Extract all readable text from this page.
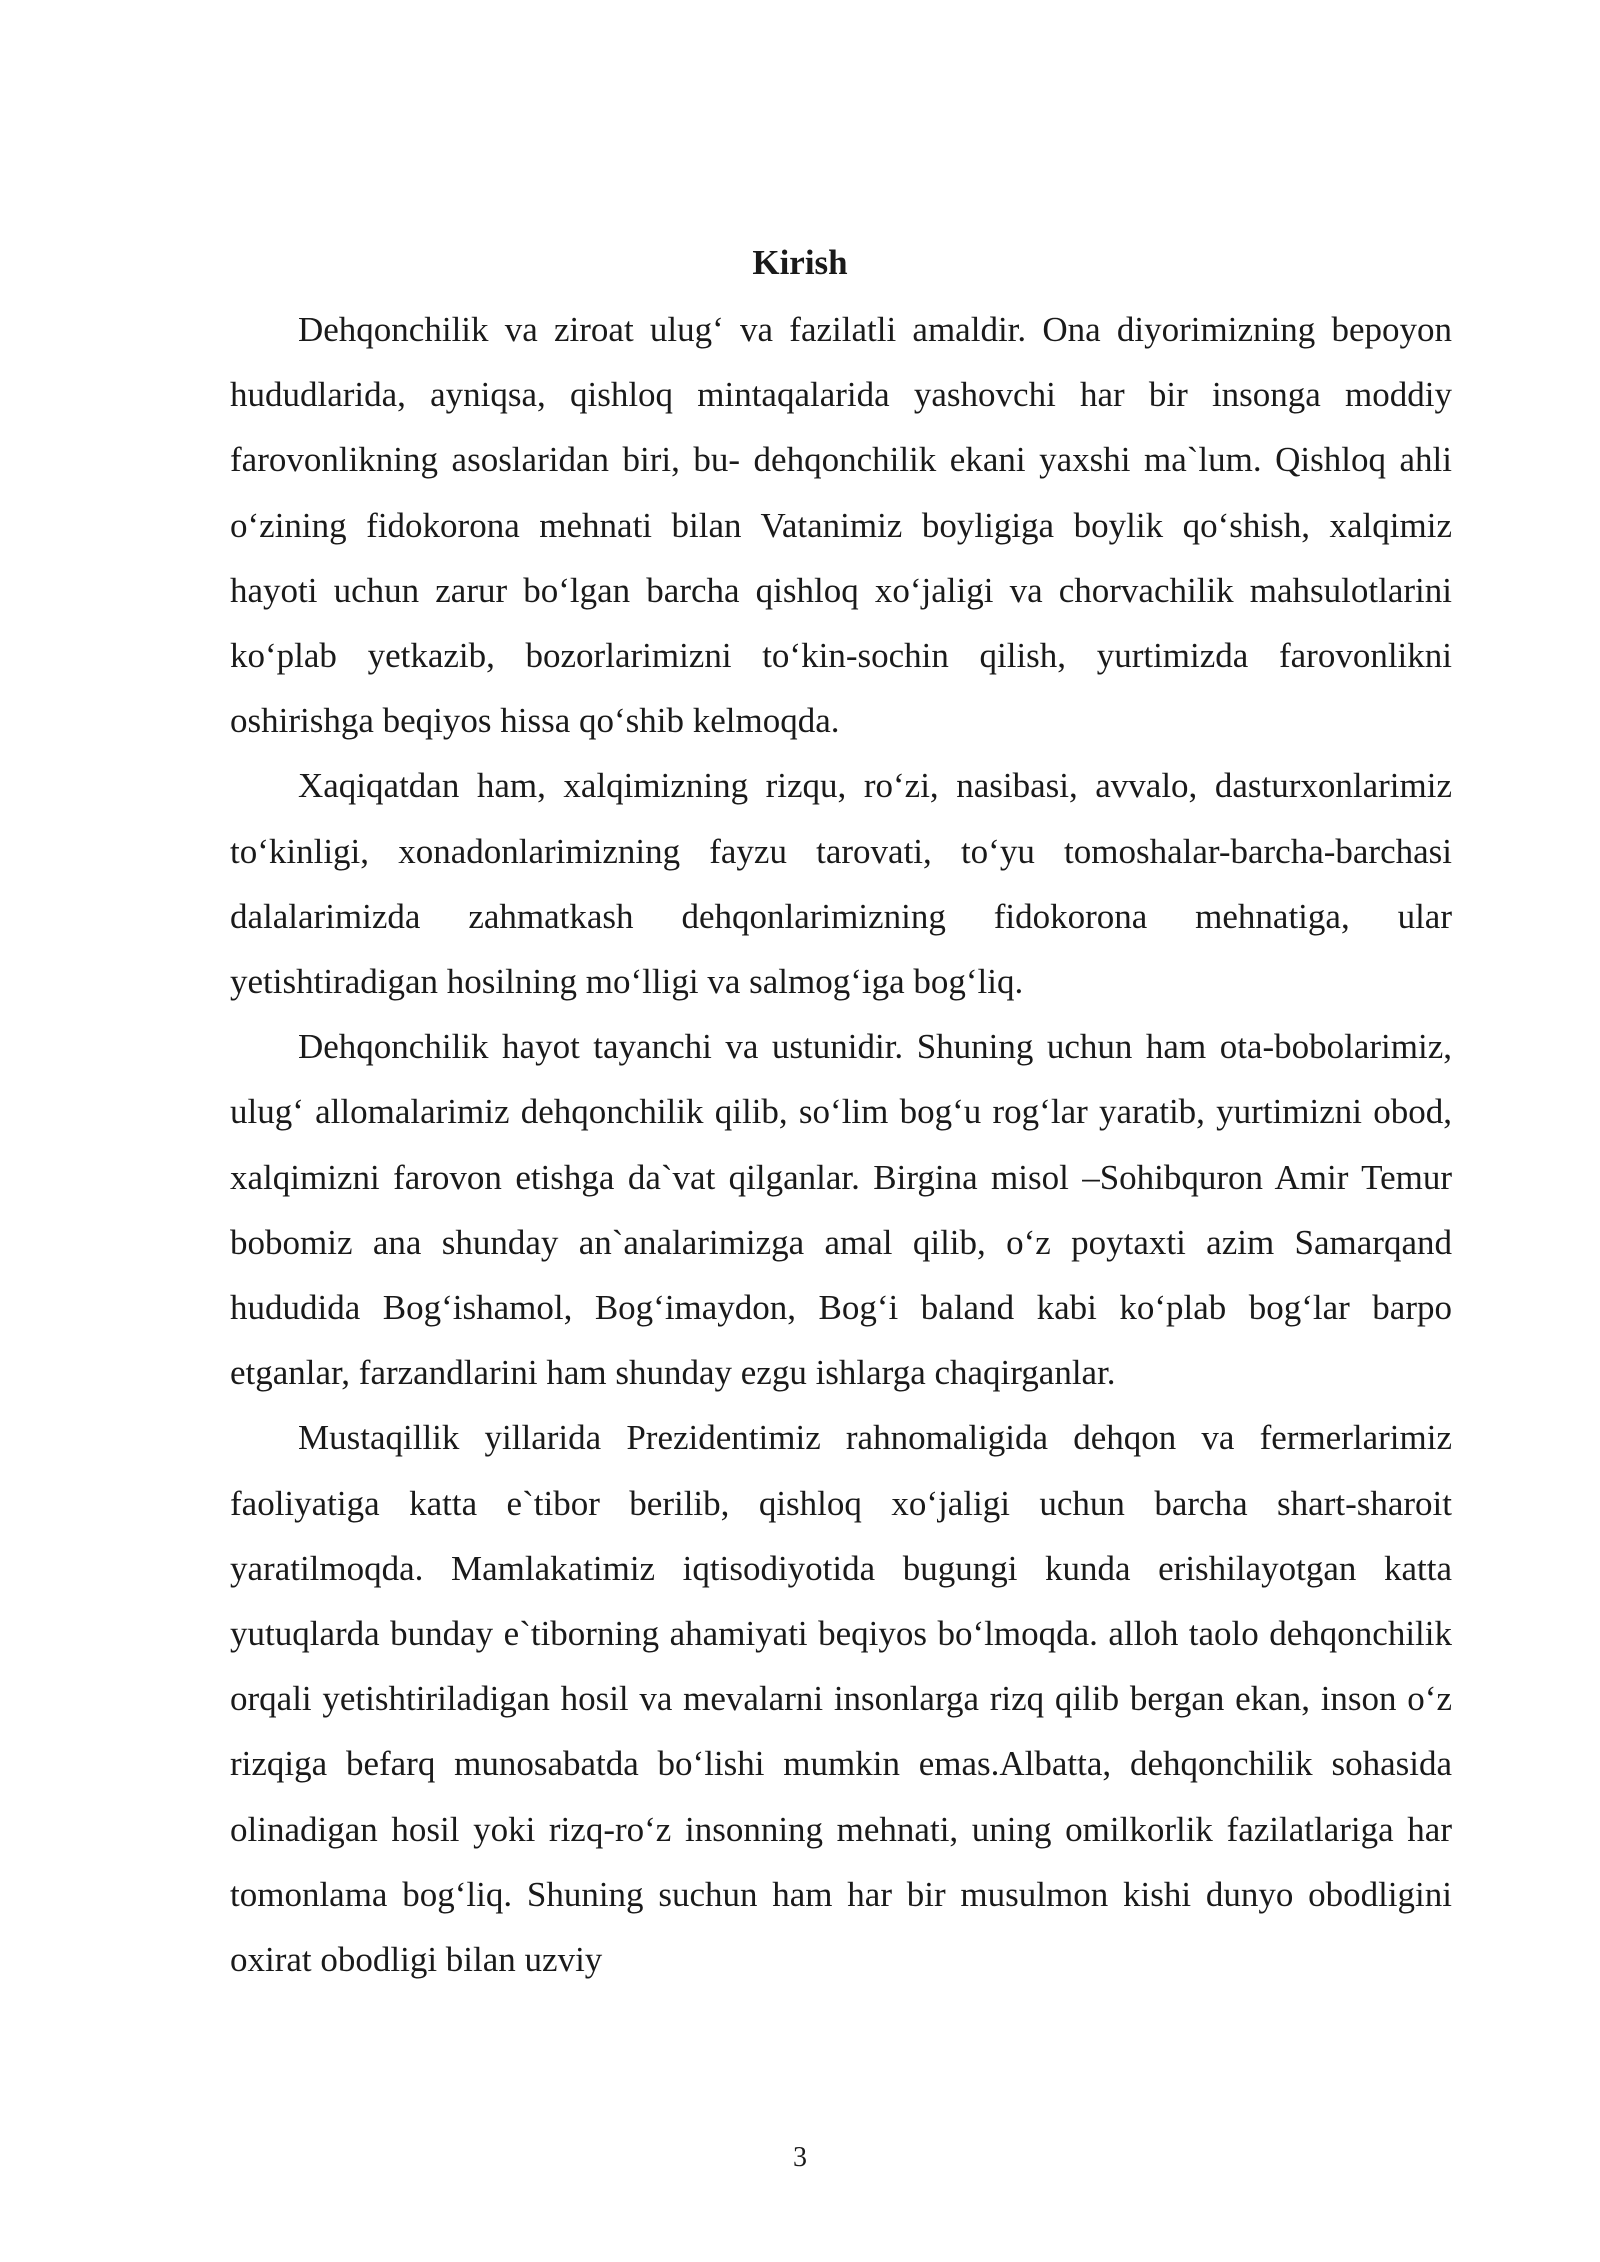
Kirish

Dehqonchilik va ziroat ulug‘ va fazilatli amaldir. Ona diyorimizning bepoyon hududlarida, ayniqsa, qishloq mintaqalarida yashovchi har bir insonga moddiy farovonlikning asoslaridan biri, bu- dehqonchilik ekani yaxshi ma`lum. Qishloq ahli o‘zining fidokorona mehnati bilan Vatanimiz boyligiga boylik qo‘shish, xalqimiz hayoti uchun zarur bo‘lgan barcha qishloq xo‘jaligi va chorvachilik mahsulotlarini ko‘plab yetkazib, bozorlarimizni to‘kin-sochin qilish, yurtimizda farovonlikni oshirishga beqiyos hissa qo‘shib kelmoqda.

Xaqiqatdan ham, xalqimizning rizqu, ro‘zi, nasibasi, avvalo, dasturxonlarimiz to‘kinligi, xonadonlarimizning fayzu tarovati, to‘yu tomoshalar-barcha-barchasi dalalarimizda zahmatkash dehqonlarimizning fidokorona mehnatiga, ular yetishtiradigan hosilning mo‘lligi va salmog‘iga bog‘liq.

Dehqonchilik hayot tayanchi va ustunidir. Shuning uchun ham ota-bobolarimiz, ulug‘ allomalarimiz dehqonchilik qilib, so‘lim bog‘u rog‘lar yaratib, yurtimizni obod, xalqimizni farovon etishga da`vat qilganlar. Birgina misol –Sohibquron Amir Temur bobomiz ana shunday an`analarimizga amal qilib, o‘z poytaxti azim Samarqand hududida Bog‘ishamol, Bog‘imaydon, Bog‘i baland kabi ko‘plab bog‘lar barpo etganlar, farzandlarini ham shunday ezgu ishlarga chaqirganlar.

Mustaqillik yillarida Prezidentimiz rahnomaligida dehqon va fermerlarimiz faoliyatiga katta e`tibor berilib, qishloq xo‘jaligi uchun barcha shart-sharoit yaratilmoqda. Mamlakatimiz iqtisodiyotida bugungi kunda erishilayotgan katta yutuqlarda bunday e`tiborning ahamiyati beqiyos bo‘lmoqda. alloh taolo dehqonchilik orqali yetishtiriladigan hosil va mevalarni insonlarga rizq qilib bergan ekan, inson o‘z rizqiga befarq munosabatda bo‘lishi mumkin emas.Albatta, dehqonchilik sohasida olinadigan hosil yoki rizq-ro‘z insonning mehnati, uning omilkorlik fazilatlariga har tomonlama bog‘liq. Shuning suchun ham har bir musulmon kishi dunyo obodligini oxirat obodligi bilan uzviy

3
